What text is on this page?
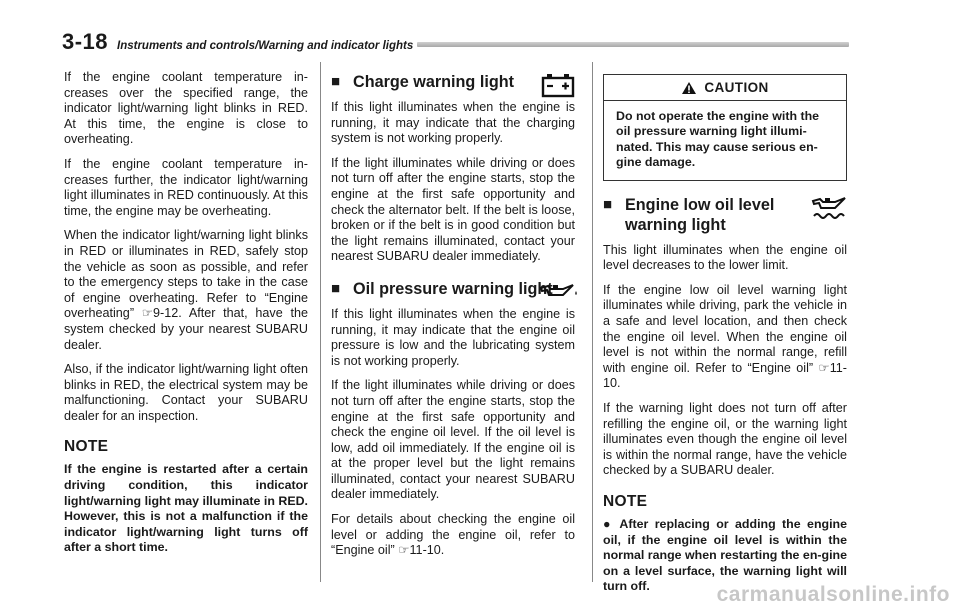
3-18 Instruments and controls/Warning and indicator lights

If the engine coolant temperature in-creases over the specified range, the indicator light/warning light blinks in RED. At this time, the engine is close to overheating.

If the engine coolant temperature in-creases further, the indicator light/warning light illuminates in RED continuously. At this time, the engine may be overheating.

When the indicator light/warning light blinks in RED or illuminates in RED, safely stop the vehicle as soon as possible, and refer to the emergency steps to take in the case of engine overheating. Refer to “Engine overheating” ☞9-12. After that, have the system checked by your nearest SUBARU dealer.

Also, if the indicator light/warning light often blinks in RED, the electrical system may be malfunctioning. Contact your SUBARU dealer for an inspection.

NOTE

If the engine is restarted after a certain driving condition, this indicator light/warning light may illuminate in RED. However, this is not a malfunction if the indicator light/warning light turns off after a short time.

■ Charge warning light

If this light illuminates when the engine is running, it may indicate that the charging system is not working properly.

If the light illuminates while driving or does not turn off after the engine starts, stop the engine at the first safe opportunity and check the alternator belt. If the belt is loose, broken or if the belt is in good condition but the light remains illuminated, contact your nearest SUBARU dealer immediately.

■ Oil pressure warning light

If this light illuminates when the engine is running, it may indicate that the engine oil pressure is low and the lubricating system is not working properly.

If the light illuminates while driving or does not turn off after the engine starts, stop the engine at the first safe opportunity and check the engine oil level. If the oil level is low, add oil immediately. If the engine oil is at the proper level but the light remains illuminated, contact your nearest SUBARU dealer immediately.

For details about checking the engine oil level or adding the engine oil, refer to “Engine oil” ☞11-10.

CAUTION
Do not operate the engine with the oil pressure warning light illumi-nated. This may cause serious en-gine damage.
■ Engine low oil level warning light

This light illuminates when the engine oil level decreases to the lower limit.

If the engine low oil level warning light illuminates while driving, park the vehicle in a safe and level location, and then check the engine oil level. When the engine oil level is not within the normal range, refill with engine oil. Refer to “Engine oil” ☞11-10.

If the warning light does not turn off after refilling the engine oil, or the warning light illuminates even though the engine oil level is within the normal range, have the vehicle checked by a SUBARU dealer.

NOTE

● After replacing or adding the engine oil, if the engine oil level is within the normal range when restarting the en-gine on a level surface, the warning light will turn off.	carmanualsonline.info
